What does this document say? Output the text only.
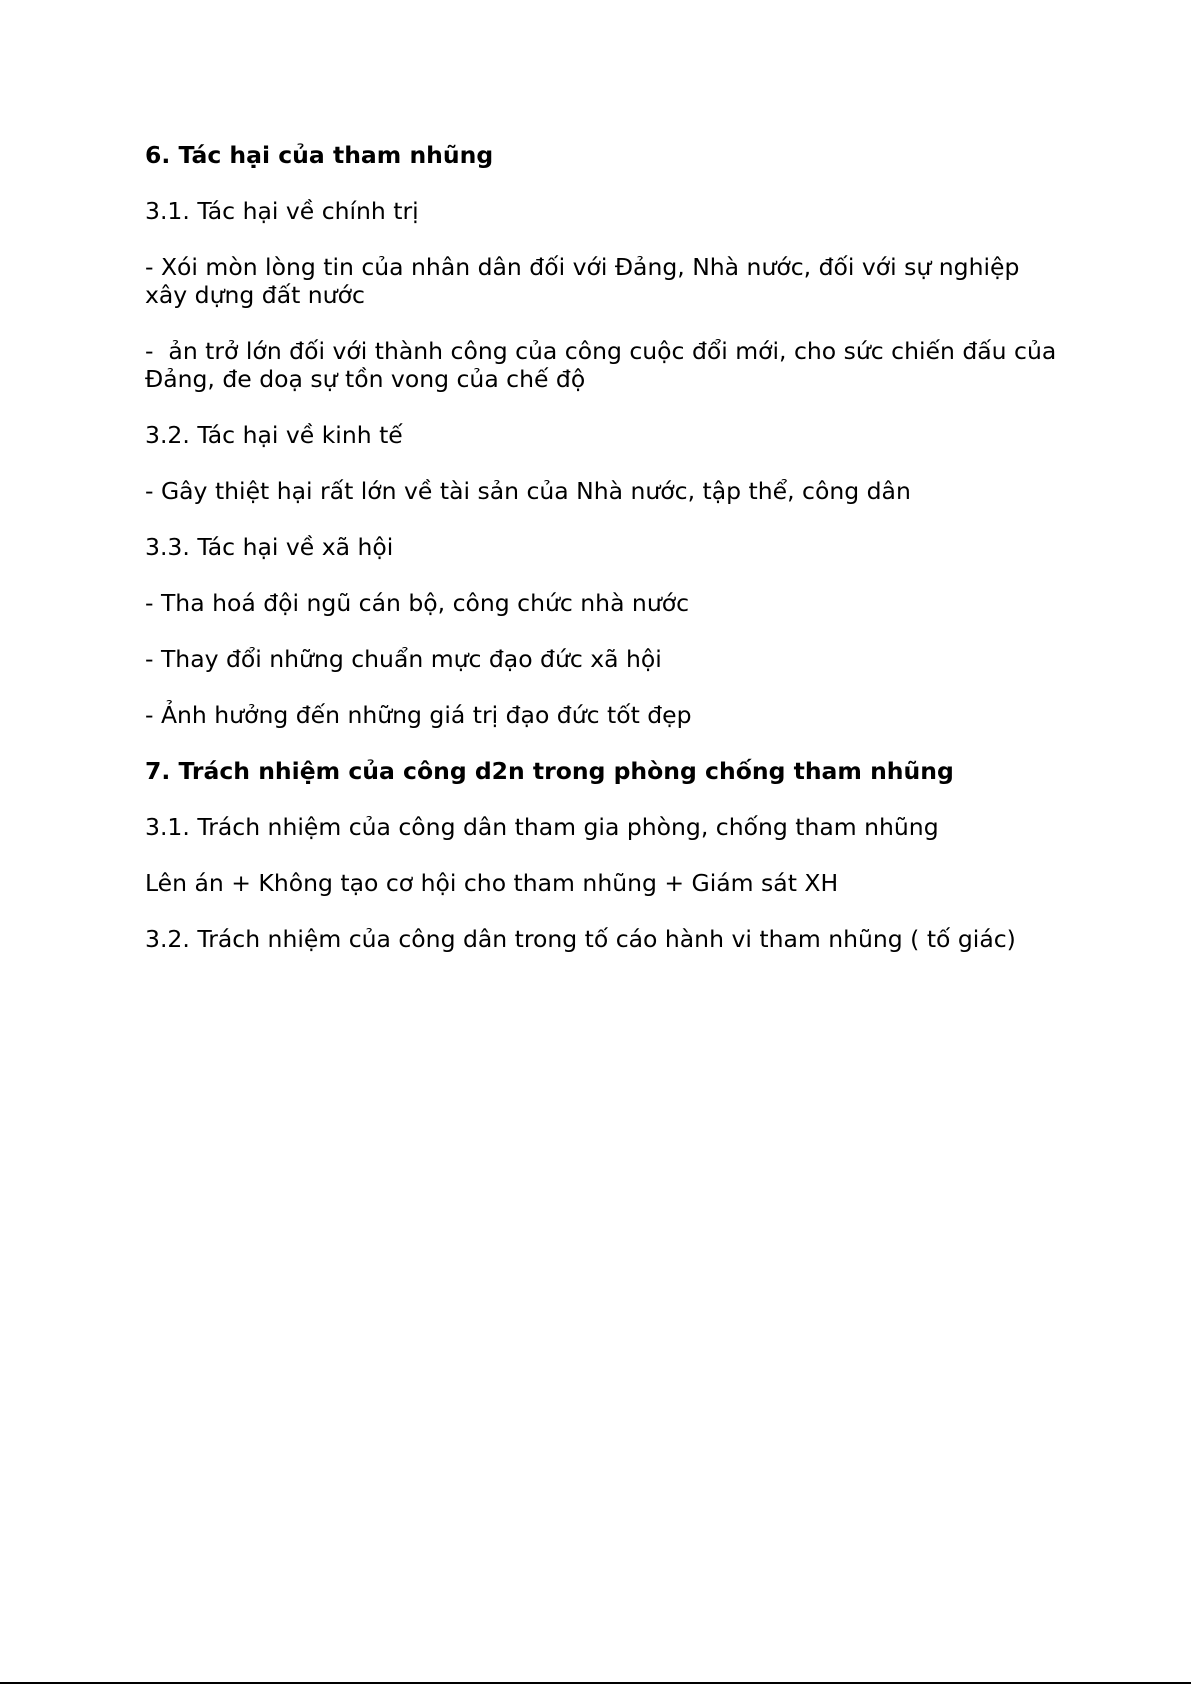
6. Tác hại của tham nhũng

3.1. Tác hại về chính trị

- Xói mòn lòng tin của nhân dân đối với Đảng, Nhà nước, đối với sự nghiệp xây dựng đất nước

-  ản trở lớn đối với thành công của công cuộc đổi mới, cho sức chiến đấu của Đảng, đe doạ sự tồn vong của chế độ

3.2. Tác hại về kinh tế

- Gây thiệt hại rất lớn về tài sản của Nhà nước, tập thể, công dân

3.3. Tác hại về xã hội

- Tha hoá đội ngũ cán bộ, công chức nhà nước

- Thay đổi những chuẩn mực đạo đức xã hội

- Ảnh hưởng đến những giá trị đạo đức tốt đẹp

7. Trách nhiệm của công d2n trong phòng chống tham nhũng

3.1. Trách nhiệm của công dân tham gia phòng, chống tham nhũng

Lên án + Không tạo cơ hội cho tham nhũng + Giám sát XH

3.2. Trách nhiệm của công dân trong tố cáo hành vi tham nhũng ( tố giác)
